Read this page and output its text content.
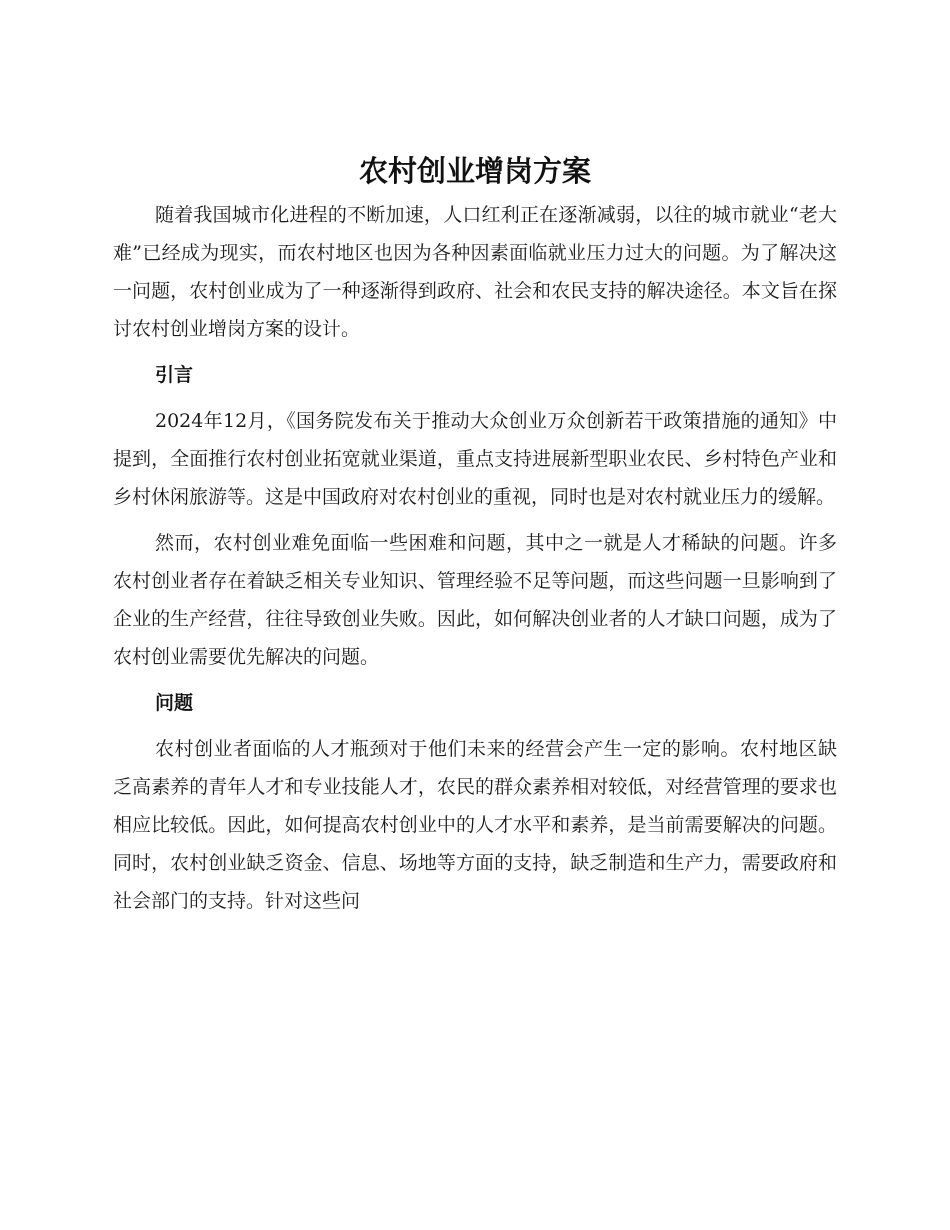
农村创业增岗方案

随着我国城市化进程的不断加速，人口红利正在逐渐减弱，以往的城市就业“老大难”已经成为现实，而农村地区也因为各种因素面临就业压力过大的问题。为了解决这一问题，农村创业成为了一种逐渐得到政府、社会和农民支持的解决途径。本文旨在探讨农村创业增岗方案的设计。

引言

2024年12月，《国务院发布关于推动大众创业万众创新若干政策措施的通知》中提到，全面推行农村创业拓宽就业渠道，重点支持进展新型职业农民、乡村特色产业和乡村休闲旅游等。这是中国政府对农村创业的重视，同时也是对农村就业压力的缓解。

然而，农村创业难免面临一些困难和问题，其中之一就是人才稀缺的问题。许多农村创业者存在着缺乏相关专业知识、管理经验不足等问题，而这些问题一旦影响到了企业的生产经营，往往导致创业失败。因此，如何解决创业者的人才缺口问题，成为了农村创业需要优先解决的问题。

问题

农村创业者面临的人才瓶颈对于他们未来的经营会产生一定的影响。农村地区缺乏高素养的青年人才和专业技能人才，农民的群众素养相对较低，对经营管理的要求也相应比较低。因此，如何提高农村创业中的人才水平和素养，是当前需要解决的问题。同时，农村创业缺乏资金、信息、场地等方面的支持，缺乏制造和生产力，需要政府和社会部门的支持。针对这些问
